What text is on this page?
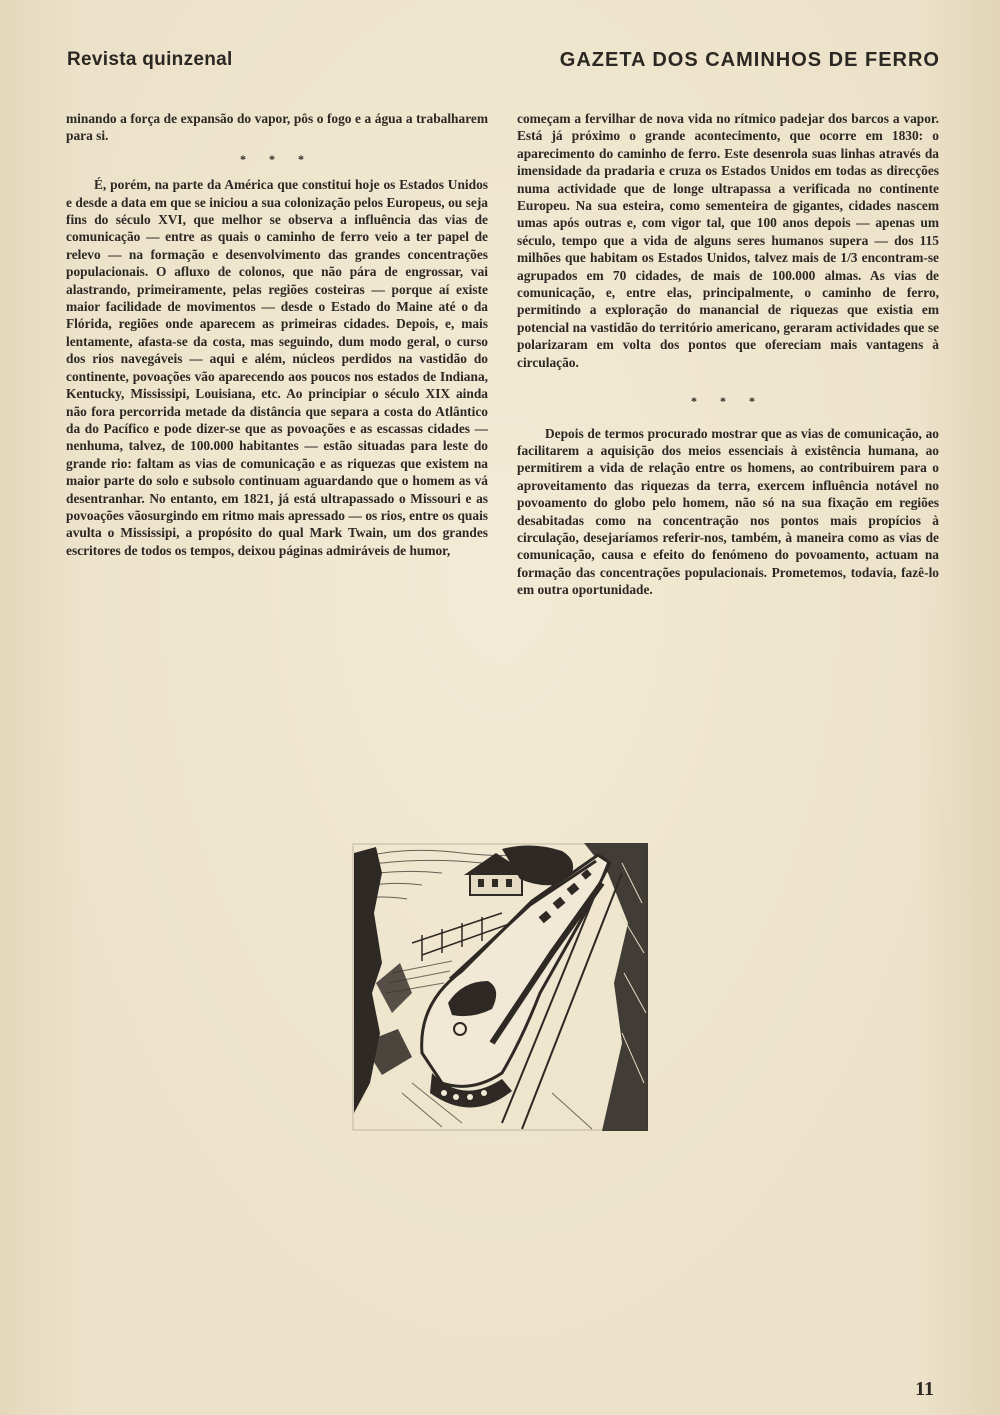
Revista quinzenal	GAZETA DOS CAMINHOS DE FERRO

minando a força de expansão do vapor, pôs o fogo e a água a trabalharem para si.

* * *

É, porém, na parte da América que constitui hoje os Estados Unidos e desde a data em que se iniciou a sua colonização pelos Europeus, ou seja fins do século XVI, que melhor se observa a influência das vias de comunicação — entre as quais o caminho de ferro veio a ter papel de relevo — na formação e desenvolvimento das grandes concentrações populacionais. O afluxo de colonos, que não pára de engrossar, vai alastrando, primeiramente, pelas regiões costeiras — porque aí existe maior facilidade de movimentos — desde o Estado do Maine até o da Flórida, regiões onde aparecem as primeiras cidades. Depois, e, mais lentamente, afasta-se da costa, mas seguindo, dum modo geral, o curso dos rios navegáveis — aqui e além, núcleos perdidos na vastidão do continente, povoações vão aparecendo aos poucos nos estados de Indiana, Kentucky, Mississipi, Louisiana, etc. Ao principiar o século XIX ainda não fora percorrida metade da distância que separa a costa do Atlântico da do Pacífico e pode dizer-se que as povoações e as escassas cidades — nenhuma, talvez, de 100.000 habitantes — estão situadas para leste do grande rio: faltam as vias de comunicação e as riquezas que existem na maior parte do solo e subsolo continuam aguardando que o homem as vá desentranhar. No entanto, em 1821, já está ultrapassado o Missouri e as povoações vãosurgindo em ritmo mais apressado — os rios, entre os quais avulta o Mississipi, a propósito do qual Mark Twain, um dos grandes escritores de todos os tempos, deixou páginas admiráveis de humor,

começam a fervilhar de nova vida no rítmico padejar dos barcos a vapor. Está já próximo o grande acontecimento, que ocorre em 1830: o aparecimento do caminho de ferro. Este desenrola suas linhas através da imensidade da pradaria e cruza os Estados Unidos em todas as direcções numa actividade que de longe ultrapassa a verificada no continente Europeu. Na sua esteira, como sementeira de gigantes, cidades nascem umas após outras e, com vigor tal, que 100 anos depois — apenas um século, tempo que a vida de alguns seres humanos supera — dos 115 milhões que habitam os Estados Unidos, talvez mais de 1/3 encontram-se agrupados em 70 cidades, de mais de 100.000 almas. As vias de comunicação, e, entre elas, principalmente, o caminho de ferro, permitindo a exploração do manancial de riquezas que existia em potencial na vastidão do território americano, geraram actividades que se polarizaram em volta dos pontos que ofereciam mais vantagens à circulação.

* * *

Depois de termos procurado mostrar que as vias de comunicação, ao facilitarem a aquisição dos meios essenciais à existência humana, ao permitirem a vida de relação entre os homens, ao contribuirem para o aproveitamento das riquezas da terra, exercem influência notável no povoamento do globo pelo homem, não só na sua fixação em regiões desabitadas como na concentração nos pontos mais propícios à circulação, desejaríamos referir-nos, também, à maneira como as vias de comunicação, causa e efeito do fenómeno do povoamento, actuam na formação das concentrações populacionais. Prometemos, todavia, fazê-lo em outra oportunidade.

11
